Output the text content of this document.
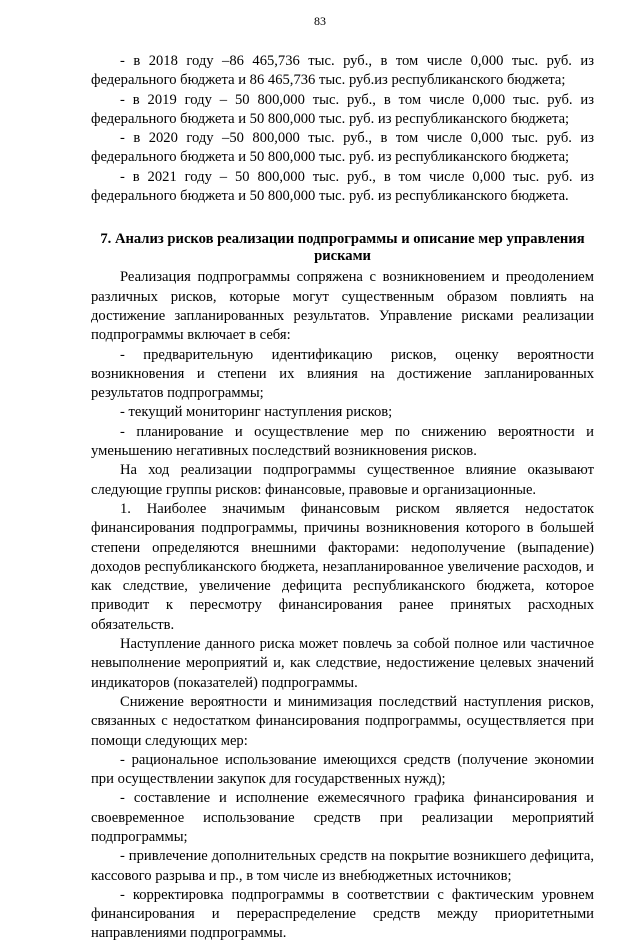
83

- в 2018 году –86 465,736 тыс. руб., в том числе 0,000 тыс. руб. из федерального бюджета и 86 465,736 тыс. руб.из республиканского бюджета;

- в 2019 году – 50 800,000 тыс. руб., в том числе 0,000 тыс. руб. из федерального бюджета и 50 800,000 тыс. руб. из республиканского бюджета;

- в 2020 году –50 800,000 тыс. руб., в том числе 0,000 тыс. руб. из федерального бюджета и 50 800,000 тыс. руб. из республиканского бюджета;

- в 2021 году – 50 800,000 тыс. руб., в том числе 0,000 тыс. руб. из федерального бюджета и 50 800,000 тыс. руб. из республиканского бюджета.

7. Анализ рисков реализации подпрограммы и описание мер управления рисками

Реализация подпрограммы сопряжена с возникновением и преодолением различных рисков, которые могут существенным образом повлиять на достижение запланированных результатов. Управление рисками реализации подпрограммы включает в себя:

- предварительную идентификацию рисков, оценку вероятности возникновения и степени их влияния на достижение запланированных результатов подпрограммы;

- текущий мониторинг наступления рисков;

- планирование и осуществление мер по снижению вероятности и уменьшению негативных последствий возникновения рисков.

На ход реализации подпрограммы существенное влияние оказывают следующие группы рисков: финансовые, правовые и организационные.

1. Наиболее значимым финансовым риском является недостаток финансирования подпрограммы, причины возникновения которого в большей степени определяются внешними факторами: недополучение (выпадение) доходов республиканского бюджета, незапланированное увеличение расходов, и как следствие, увеличение дефицита республиканского бюджета, которое приводит к пересмотру финансирования ранее принятых расходных обязательств.

Наступление данного риска может повлечь за собой полное или частичное невыполнение мероприятий и, как следствие, недостижение целевых значений индикаторов (показателей) подпрограммы.

Снижение вероятности и минимизация последствий наступления рисков, связанных с недостатком финансирования подпрограммы, осуществляется при помощи следующих мер:

- рациональное использование имеющихся средств (получение экономии при осуществлении закупок для государственных нужд);

- составление и исполнение ежемесячного графика финансирования и своевременное использование средств при реализации мероприятий подпрограммы;

- привлечение дополнительных средств на покрытие возникшего дефицита, кассового разрыва и пр., в том числе из внебюджетных источников;

- корректировка подпрограммы в соответствии с фактическим уровнем финансирования и перераспределение средств между приоритетными направлениями подпрограммы.
